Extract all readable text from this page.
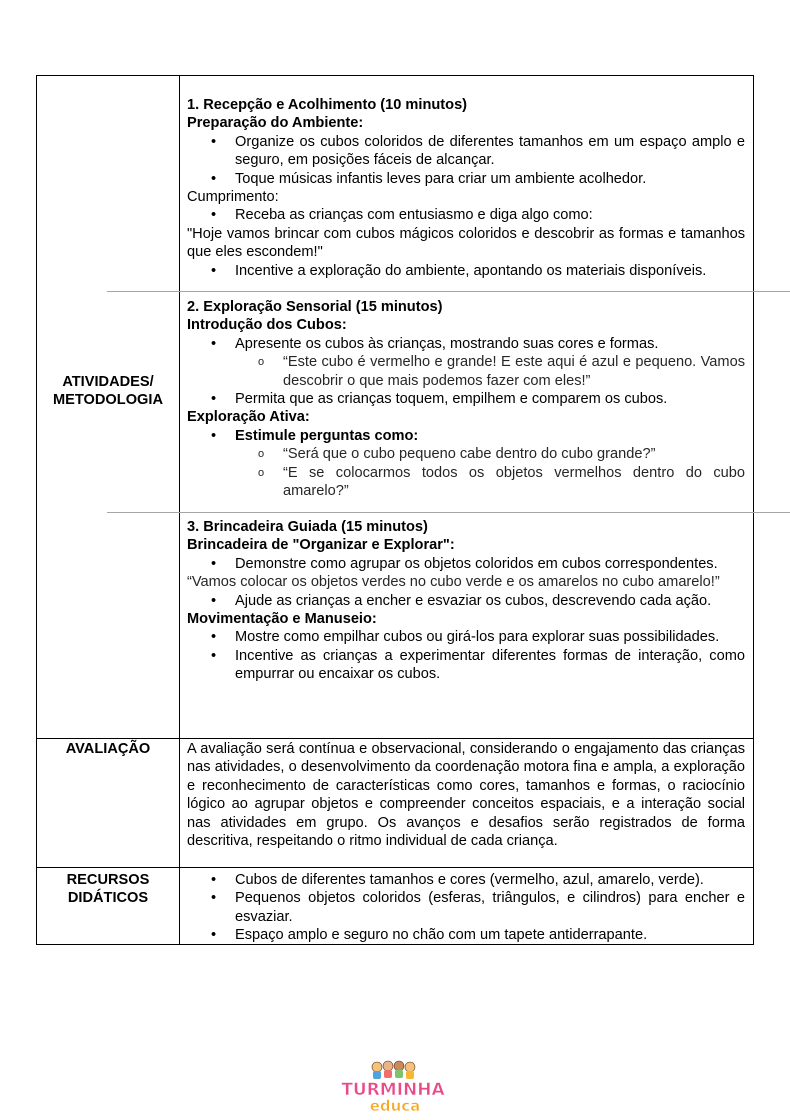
ATIVIDADES/
METODOLOGIA
AVALIAÇÃO
RECURSOS
DIDÁTICOS

1. Recepção e Acolhimento (10 minutos)

Preparação do Ambiente:

• Organize os cubos coloridos de diferentes tamanhos em um espaço amplo e seguro, em posições fáceis de alcançar.
• Toque músicas infantis leves para criar um ambiente acolhedor.

Cumprimento:

• Receba as crianças com entusiasmo e diga algo como:

"Hoje vamos brincar com cubos mágicos coloridos e descobrir as formas e tamanhos que eles escondem!"

• Incentive a exploração do ambiente, apontando os materiais disponíveis.

2. Exploração Sensorial (15 minutos)

Introdução dos Cubos:

• Apresente os cubos às crianças, mostrando suas cores e formas.
o “Este cubo é vermelho e grande! E este aqui é azul e pequeno. Vamos descobrir o que mais podemos fazer com eles!”
• Permita que as crianças toquem, empilhem e comparem os cubos.

Exploração Ativa:

• Estimule perguntas como:
o “Será que o cubo pequeno cabe dentro do cubo grande?”
o “E se colocarmos todos os objetos vermelhos dentro do cubo amarelo?”

3. Brincadeira Guiada (15 minutos)

Brincadeira de "Organizar e Explorar":

• Demonstre como agrupar os objetos coloridos em cubos correspondentes.

“Vamos colocar os objetos verdes no cubo verde e os amarelos no cubo amarelo!”

• Ajude as crianças a encher e esvaziar os cubos, descrevendo cada ação.

Movimentação e Manuseio:

• Mostre como empilhar cubos ou girá-los para explorar suas possibilidades.
• Incentive as crianças a experimentar diferentes formas de interação, como empurrar ou encaixar os cubos.

A avaliação será contínua e observacional, considerando o engajamento das crianças nas atividades, o desenvolvimento da coordenação motora fina e ampla, a exploração e reconhecimento de características como cores, tamanhos e formas, o raciocínio lógico ao agrupar objetos e compreender conceitos espaciais, e a interação social nas atividades em grupo. Os avanços e desafios serão registrados de forma descritiva, respeitando o ritmo individual de cada criança.

• Cubos de diferentes tamanhos e cores (vermelho, azul, amarelo, verde).
• Pequenos objetos coloridos (esferas, triângulos, e cilindros) para encher e esvaziar.
• Espaço amplo e seguro no chão com um tapete antiderrapante.
TURMINHA
educa
